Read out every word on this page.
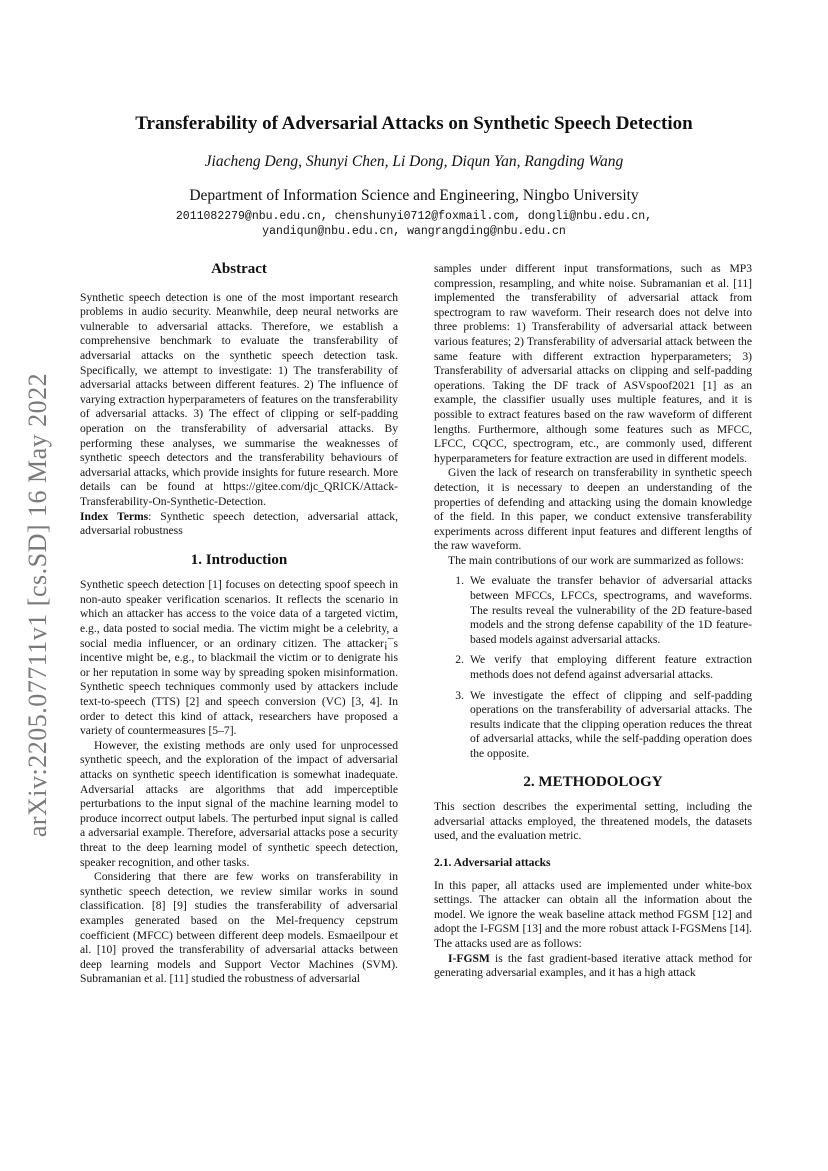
arXiv:2205.07711v1 [cs.SD] 16 May 2022
Transferability of Adversarial Attacks on Synthetic Speech Detection
Jiacheng Deng, Shunyi Chen, Li Dong, Diqun Yan, Rangding Wang
Department of Information Science and Engineering, Ningbo University
2011082279@nbu.edu.cn, chenshunyi0712@foxmail.com, dongli@nbu.edu.cn,
yandiqun@nbu.edu.cn, wangrangding@nbu.edu.cn
Abstract

Synthetic speech detection is one of the most important research problems in audio security. Meanwhile, deep neural networks are vulnerable to adversarial attacks. Therefore, we establish a comprehensive benchmark to evaluate the transferability of adversarial attacks on the synthetic speech detection task. Specifically, we attempt to investigate: 1) The transferability of adversarial attacks between different features. 2) The influence of varying extraction hyperparameters of features on the transferability of adversarial attacks. 3) The effect of clipping or self-padding operation on the transferability of adversarial attacks. By performing these analyses, we summarise the weaknesses of synthetic speech detectors and the transferability behaviours of adversarial attacks, which provide insights for future research. More details can be found at https://gitee.com/djc_QRICK/Attack-Transferability-On-Synthetic-Detection.

Index Terms: Synthetic speech detection, adversarial attack, adversarial robustness

1. Introduction

Synthetic speech detection [1] focuses on detecting spoof speech in non-auto speaker verification scenarios. It reflects the scenario in which an attacker has access to the voice data of a targeted victim, e.g., data posted to social media. The victim might be a celebrity, a social media influencer, or an ordinary citizen. The attacker¡¯s incentive might be, e.g., to blackmail the victim or to denigrate his or her reputation in some way by spreading spoken misinformation. Synthetic speech techniques commonly used by attackers include text-to-speech (TTS) [2] and speech conversion (VC) [3, 4]. In order to detect this kind of attack, researchers have proposed a variety of countermeasures [5–7].

However, the existing methods are only used for unprocessed synthetic speech, and the exploration of the impact of adversarial attacks on synthetic speech identification is somewhat inadequate. Adversarial attacks are algorithms that add imperceptible perturbations to the input signal of the machine learning model to produce incorrect output labels. The perturbed input signal is called a adversarial example. Therefore, adversarial attacks pose a security threat to the deep learning model of synthetic speech detection, speaker recognition, and other tasks.

Considering that there are few works on transferability in synthetic speech detection, we review similar works in sound classification. [8] [9] studies the transferability of adversarial examples generated based on the Mel-frequency cepstrum coefficient (MFCC) between different deep models. Esmaeilpour et al. [10] proved the transferability of adversarial attacks between deep learning models and Support Vector Machines (SVM). Subramanian et al. [11] studied the robustness of adversarial

samples under different input transformations, such as MP3 compression, resampling, and white noise. Subramanian et al. [11] implemented the transferability of adversarial attack from spectrogram to raw waveform. Their research does not delve into three problems: 1) Transferability of adversarial attack between various features; 2) Transferability of adversarial attack between the same feature with different extraction hyperparameters; 3) Transferability of adversarial attacks on clipping and self-padding operations. Taking the DF track of ASVspoof2021 [1] as an example, the classifier usually uses multiple features, and it is possible to extract features based on the raw waveform of different lengths. Furthermore, although some features such as MFCC, LFCC, CQCC, spectrogram, etc., are commonly used, different hyperparameters for feature extraction are used in different models.

Given the lack of research on transferability in synthetic speech detection, it is necessary to deepen an understanding of the properties of defending and attacking using the domain knowledge of the field. In this paper, we conduct extensive transferability experiments across different input features and different lengths of the raw waveform.

The main contributions of our work are summarized as follows:

1. We evaluate the transfer behavior of adversarial attacks between MFCCs, LFCCs, spectrograms, and waveforms. The results reveal the vulnerability of the 2D feature-based models and the strong defense capability of the 1D feature-based models against adversarial attacks.
2. We verify that employing different feature extraction methods does not defend against adversarial attacks.
3. We investigate the effect of clipping and self-padding operations on the transferability of adversarial attacks. The results indicate that the clipping operation reduces the threat of adversarial attacks, while the self-padding operation does the opposite.
2. METHODOLOGY

This section describes the experimental setting, including the adversarial attacks employed, the threatened models, the datasets used, and the evaluation metric.

2.1. Adversarial attacks

In this paper, all attacks used are implemented under white-box settings. The attacker can obtain all the information about the model. We ignore the weak baseline attack method FGSM [12] and adopt the I-FGSM [13] and the more robust attack I-FGSMens [14]. The attacks used are as follows:

I-FGSM is the fast gradient-based iterative attack method for generating adversarial examples, and it has a high attack
